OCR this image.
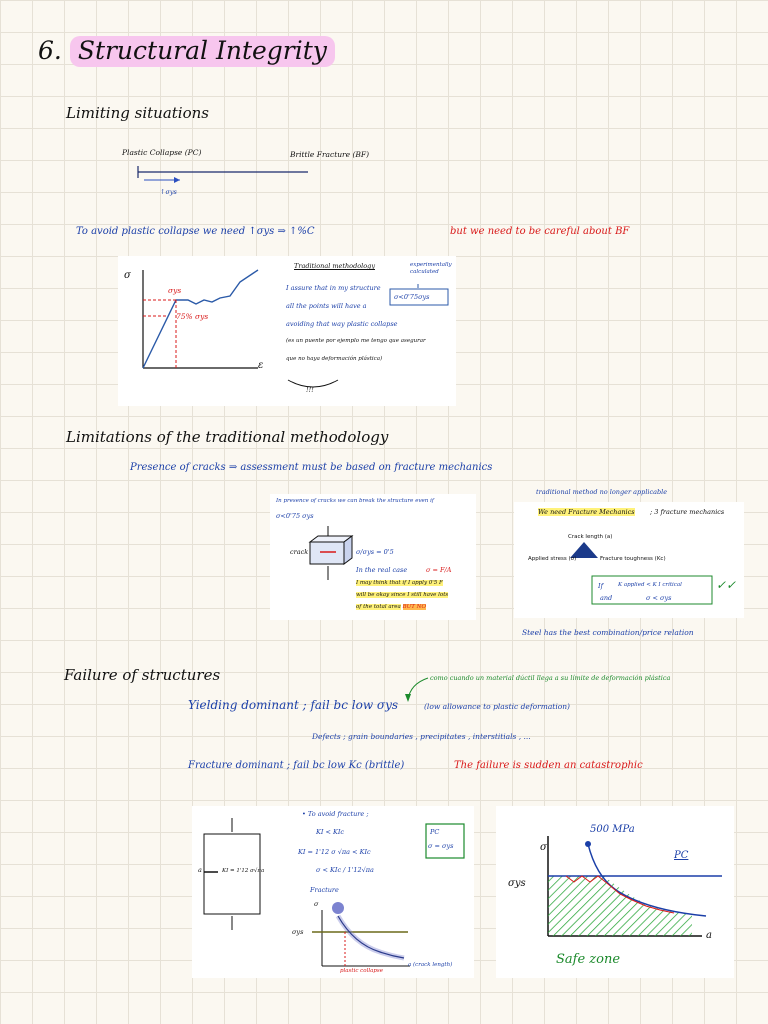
6. Structural Integrity
Limiting situations
Plastic Collapse (PC)	Brittle Fracture (BF)
↑σys
To avoid plastic collapse we need ↑σys ⇒ ↑%C	but we need to be careful about BF
σ
ε
σys
75% σys
Traditional methodology	experimentally calculated
I assure that in my structure
all the points will have a
σ<0'75σys
avoiding that way plastic collapse
(es un puente por ejemplo me tengo que asegurar
que no haya deformación plástica)
!!!
Limitations of the traditional methodology
Presence of cracks ⇒ assessment must be based on fracture mechanics
In presence of cracks we can break the structure even if
σ<0'75 σys
crack	σ/σys = 0'5
In the real case	σ = F/A
I may think that if I apply 0'5 F
will be okay since I still have lots
of the total area BUT NO
traditional method no longer applicable
We need Fracture Mechanics ; 3 fracture mechanics
Crack length (a)
Applied stress (σ)	Fracture toughness (Kc)
If	K applied < K I critical
and	σ < σys
✓✓
Steel has the best combination/price relation
Failure of structures	como cuando un material dúctil llega a su límite de deformación plástica
Yielding dominant ; fail bc low σys	(low allowance to plastic deformation)
Defects ; grain boundaries , precipitates , interstitials , ...
Fracture dominant ; fail bc low Kc (brittle)	The failure is sudden an catastrophic
a	KI = 1'12 σ√πa
• To avoid fracture ;
KI < KIc
KI = 1'12 σ √πa < KIc
σ < KIc / 1'12√πa
Fracture
PC
σ = σys
σys
σ
plastic collapse
a (crack length)
500 MPa
PC
σys
σ
a
Safe zone
